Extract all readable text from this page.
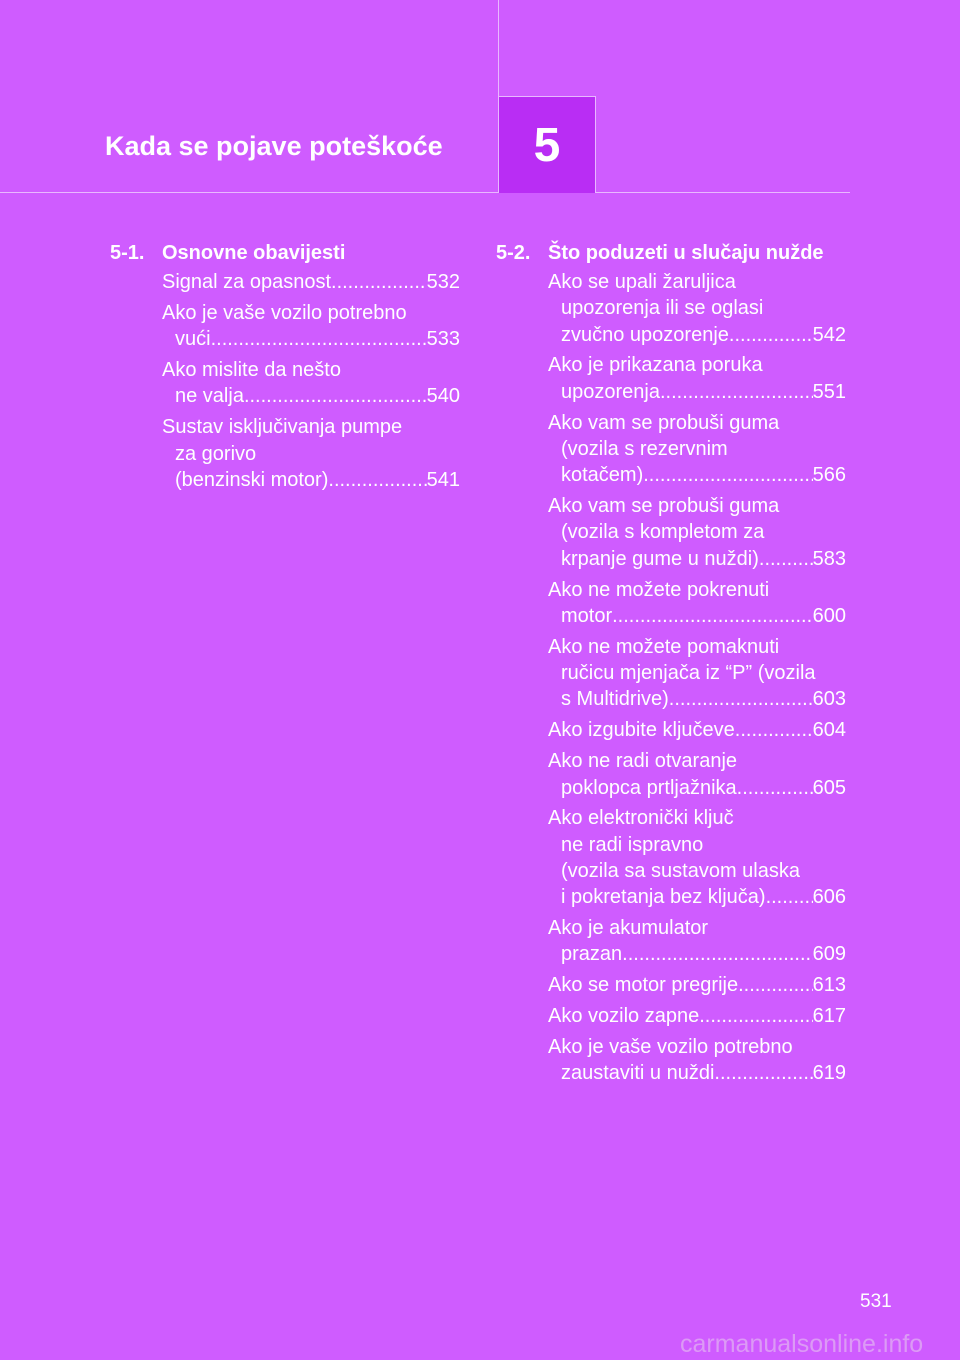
Kada se pojave poteškoće 5
5-1. Osnovne obavijesti
Signal za opasnost .....	532
Ako je vaše vozilo potrebno
vući .....	533
Ako mislite da nešto
ne valja .....	540
Sustav isključivanja pumpe
za gorivo
(benzinski motor) .....	541
5-2. Što poduzeti u slučaju nužde
Ako se upali žaruljica
upozorenja ili se oglasi
zvučno upozorenje... .....	542
Ako je prikazana poruka
upozorenja .....	551
Ako vam se probuši guma
(vozila s rezervnim
kotačem) .....	566
Ako vam se probuši guma
(vozila s kompletom za
krpanje gume u nuždi) .....	583
Ako ne možete pokrenuti
motor .....	600
Ako ne možete pomaknuti
ručicu mjenjača iz “P” (vozila
s Multidrive) .....	603
Ako izgubite ključeve .....	604
Ako ne radi otvaranje
poklopca prtljažnika .....	605
Ako elektronički ključ
ne radi ispravno
(vozila sa sustavom ulaska
i pokretanja bez ključa) ..... 606
Ako je akumulator
prazan .....	609
Ako se motor pregrije .....	613
Ako vozilo zapne .....	617
Ako je vaše vozilo potrebno
zaustaviti u nuždi .....	619
531
carmanualsonline.info
